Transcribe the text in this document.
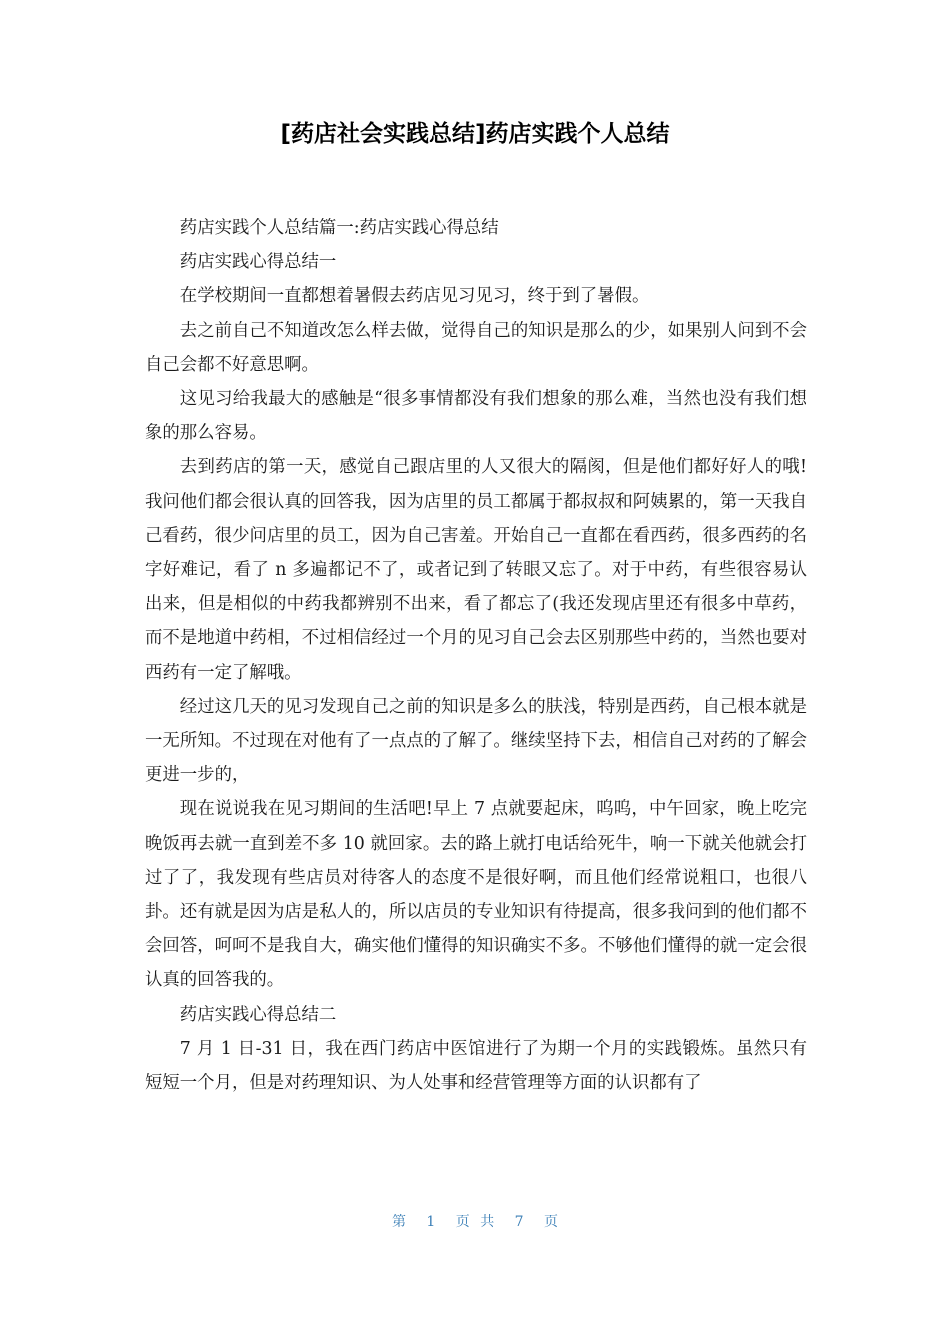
[药店社会实践总结]药店实践个人总结

药店实践个人总结篇一:药店实践心得总结

药店实践心得总结一

在学校期间一直都想着暑假去药店见习见习，终于到了暑假。

去之前自己不知道改怎么样去做，觉得自己的知识是那么的少，如果别人问到不会自己会都不好意思啊。

这见习给我最大的感触是“很多事情都没有我们想象的那么难，当然也没有我们想象的那么容易。

去到药店的第一天，感觉自己跟店里的人又很大的隔阂，但是他们都好好人的哦!我问他们都会很认真的回答我，因为店里的员工都属于都叔叔和阿姨累的，第一天我自己看药，很少问店里的员工，因为自己害羞。开始自己一直都在看西药，很多西药的名字好难记，看了 n 多遍都记不了，或者记到了转眼又忘了。对于中药，有些很容易认出来，但是相似的中药我都辨别不出来，看了都忘了(我还发现店里还有很多中草药，而不是地道中药相，不过相信经过一个月的见习自己会去区别那些中药的，当然也要对西药有一定了解哦。

经过这几天的见习发现自己之前的知识是多么的肤浅，特别是西药，自己根本就是一无所知。不过现在对他有了一点点的了解了。继续坚持下去，相信自己对药的了解会更进一步的，

现在说说我在见习期间的生活吧!早上 7 点就要起床，呜呜，中午回家，晚上吃完晚饭再去就一直到差不多 10 就回家。去的路上就打电话给死牛，响一下就关他就会打过了了，我发现有些店员对待客人的态度不是很好啊，而且他们经常说粗口，也很八卦。还有就是因为店是私人的，所以店员的专业知识有待提高，很多我问到的他们都不会回答，呵呵不是我自大，确实他们懂得的知识确实不多。不够他们懂得的就一定会很认真的回答我的。

药店实践心得总结二

7 月 1 日-31 日，我在西门药店中医馆进行了为期一个月的实践锻炼。虽然只有短短一个月，但是对药理知识、为人处事和经营管理等方面的认识都有了

第 1 页 共 7 页
